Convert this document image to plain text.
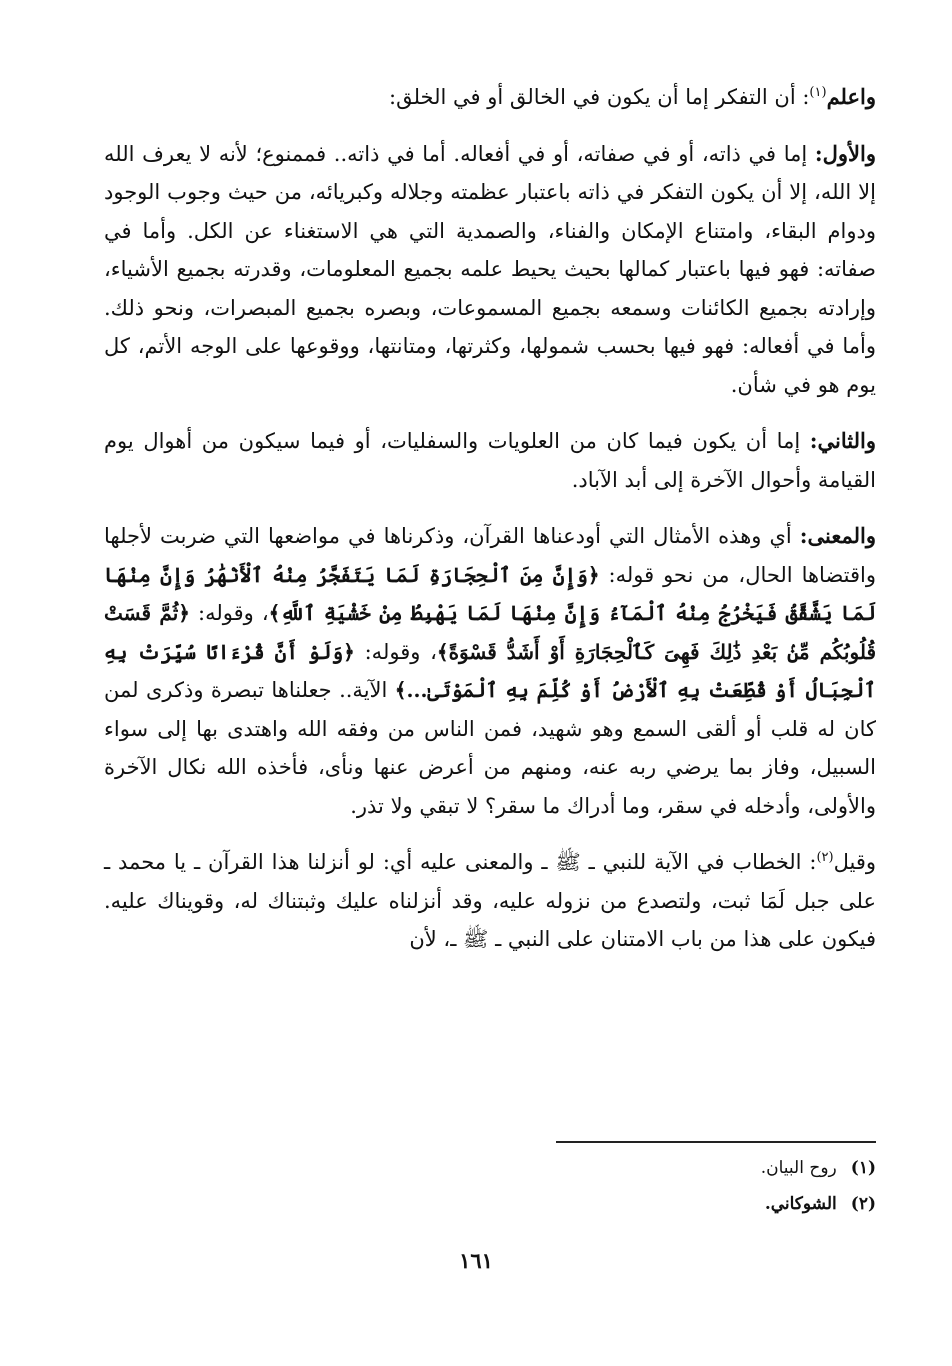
واعلم$^{(١)}$: أن التفكر إما أن يكون في الخالق أو في الخلق:

والأول: إما في ذاته، أو في صفاته، أو في أفعاله. أما في ذاته.. فممنوع؛ لأنه لا يعرف الله إلا الله، إلا أن يكون التفكر في ذاته باعتبار عظمته وجلاله وكبريائه، من حيث وجوب الوجود ودوام البقاء، وامتناع الإمكان والفناء، والصمدية التي هي الاستغناء عن الكل. وأما في صفاته: فهو فيها باعتبار كمالها بحيث يحيط علمه بجميع المعلومات، وقدرته بجميع الأشياء، وإرادته بجميع الكائنات وسمعه بجميع المسموعات، وبصره بجميع المبصرات، ونحو ذلك. وأما في أفعاله: فهو فيها بحسب شمولها، وكثرتها، ومتانتها، ووقوعها على الوجه الأتم، كل يوم هو في شأن.

والثاني: إما أن يكون فيما كان من العلويات والسفليات، أو فيما سيكون من أهوال يوم القيامة وأحوال الآخرة إلى أبد الآباد.

والمعنى: أي وهذه الأمثال التي أودعناها القرآن، وذكرناها في مواضعها التي ضربت لأجلها واقتضاها الحال، من نحو قوله: ﴿وَإِنَّ مِنَ ٱلْحِجَارَةِ لَمَا يَتَفَجَّرُ مِنْهُ ٱلْأَنْهَٰرُ وَإِنَّ مِنْهَا لَمَا يَشَّقَّقُ فَيَخْرُجُ مِنْهُ ٱلْمَآءُ وَإِنَّ مِنْهَا لَمَا يَهْبِطُ مِنْ خَشْيَةِ ٱللَّهِ﴾، وقوله: ﴿ثُمَّ قَسَتْ قُلُوبُكُم مِّنۢ بَعْدِ ذَٰلِكَ فَهِىَ كَٱلْحِجَارَةِ أَوْ أَشَدُّ قَسْوَةً﴾، وقوله: ﴿وَلَوْ أَنَّ قُرْءَانًا سُيِّرَتْ بِهِ ٱلْجِبَالُ أَوْ قُطِّعَتْ بِهِ ٱلْأَرْضُ أَوْ كُلِّمَ بِهِ ٱلْمَوْتَىٰ...﴾ الآية.. جعلناها تبصرة وذكرى لمن كان له قلب أو ألقى السمع وهو شهيد، فمن الناس من وفقه الله واهتدى بها إلى سواء السبيل، وفاز بما يرضي ربه عنه، ومنهم من أعرض عنها ونأى، فأخذه الله نكال الآخرة والأولى، وأدخله في سقر، وما أدراك ما سقر؟ لا تبقي ولا تذر.

وقيل$^{(٢)}$: الخطاب في الآية للنبي ـ ﷺ ـ والمعنى عليه أي: لو أنزلنا هذا القرآن ـ يا محمد ـ على جبل لَمَا ثبت، ولتصدع من نزوله عليه، وقد أنزلناه عليك وثبتناك له، وقويناك عليه. فيكون على هذا من باب الامتنان على النبي ـ ﷺ ـ، لأن

(١)روح البيان.
(٢)الشوكاني.
١٦١
